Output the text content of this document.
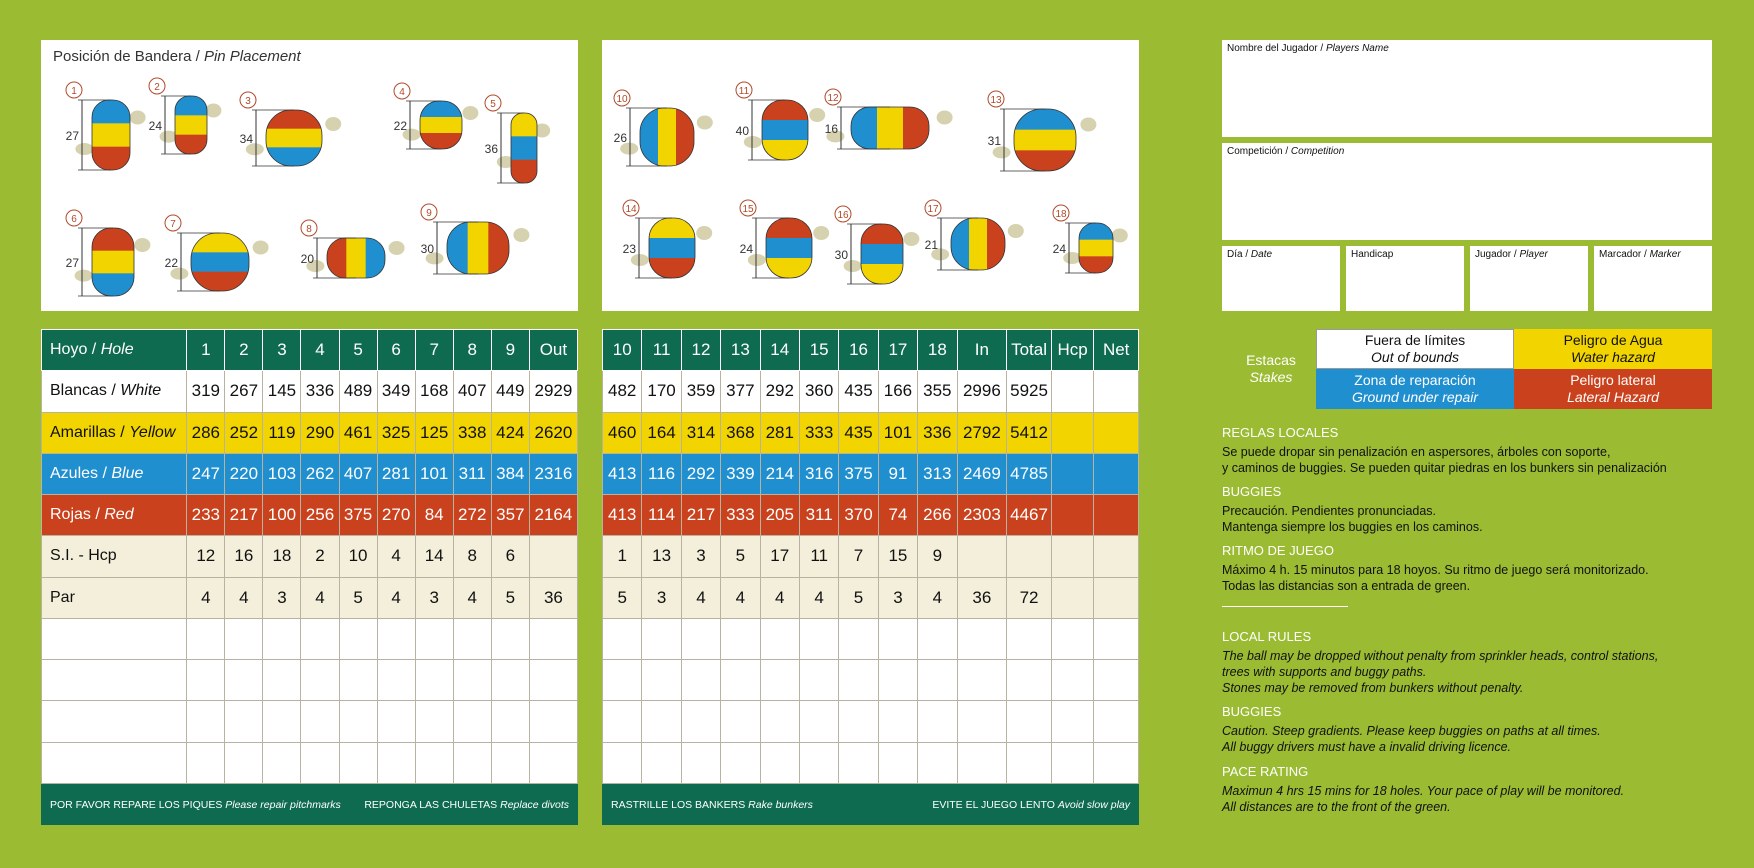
Posición de Bandera / Pin Placement
27
1
24
2
34
3
22
4
36
5
27
6
22
7
20
8
30
9
26
10
40
11
16
12
31
13
23
14
24
15
30
16
21
17
24
18
Hoyo / Hole	1	2	3	4	5	6	7	8	9	Out
Blancas / White	319	267	145	336	489	349	168	407	449	2929
Amarillas / Yellow	286	252	119	290	461	325	125	338	424	2620
Azules / Blue	247	220	103	262	407	281	101	311	384	2316
Rojas / Red	233	217	100	256	375	270	84	272	357	2164
S.I. - Hcp	12	16	18	2	10	4	14	8	6	
Par	4	4	3	4	5	4	3	4	5	36

POR FAVOR REPARE LOS PIQUES Please repair pitchmarks REPONGA LAS CHULETAS Replace divots
10	11	12	13	14	15	16	17	18	In	Total	Hcp	Net
482	170	359	377	292	360	435	166	355	2996	5925		
460	164	314	368	281	333	435	101	336	2792	5412		
413	116	292	339	214	316	375	91	313	2469	4785		
413	114	217	333	205	311	370	74	266	2303	4467		
1	13	3	5	17	11	7	15	9				
5	3	4	4	4	4	5	3	4	36	72		

RASTRILLE LOS BANKERS Rake bunkers	EVITE EL JUEGO LENTO Avoid slow play
Nombre del Jugador / Players Name
Competición / Competition
Día / Date	Handicap	Jugador / Player	Marcador / Marker
Estacas
Stakes
Fuera de límites
Out of bounds
Peligro de Agua
Water hazard
Zona de reparación
Ground under repair
Peligro lateral
Lateral Hazard
REGLAS LOCALES
Se puede dropar sin penalización en aspersores, árboles con soporte,
y caminos de buggies. Se pueden quitar piedras en los bunkers sin penalización
BUGGIES
Precaución. Pendientes pronunciadas.
Mantenga siempre los buggies en los caminos.
RITMO DE JUEGO
Máximo 4 h. 15 minutos para 18 hoyos. Su ritmo de juego será monitorizado.
Todas las distancias son a entrada de green.
LOCAL RULES
The ball may be dropped without penalty from sprinkler heads, control stations,
trees with supports and buggy paths.
Stones may be removed from bunkers without penalty.
BUGGIES
Caution. Steep gradients. Please keep buggies on paths at all times.
All buggy drivers must have a invalid driving licence.
PACE RATING
Maximun 4 hrs 15 mins for 18 holes. Your pace of play will be monitored.
All distances are to the front of the green.
